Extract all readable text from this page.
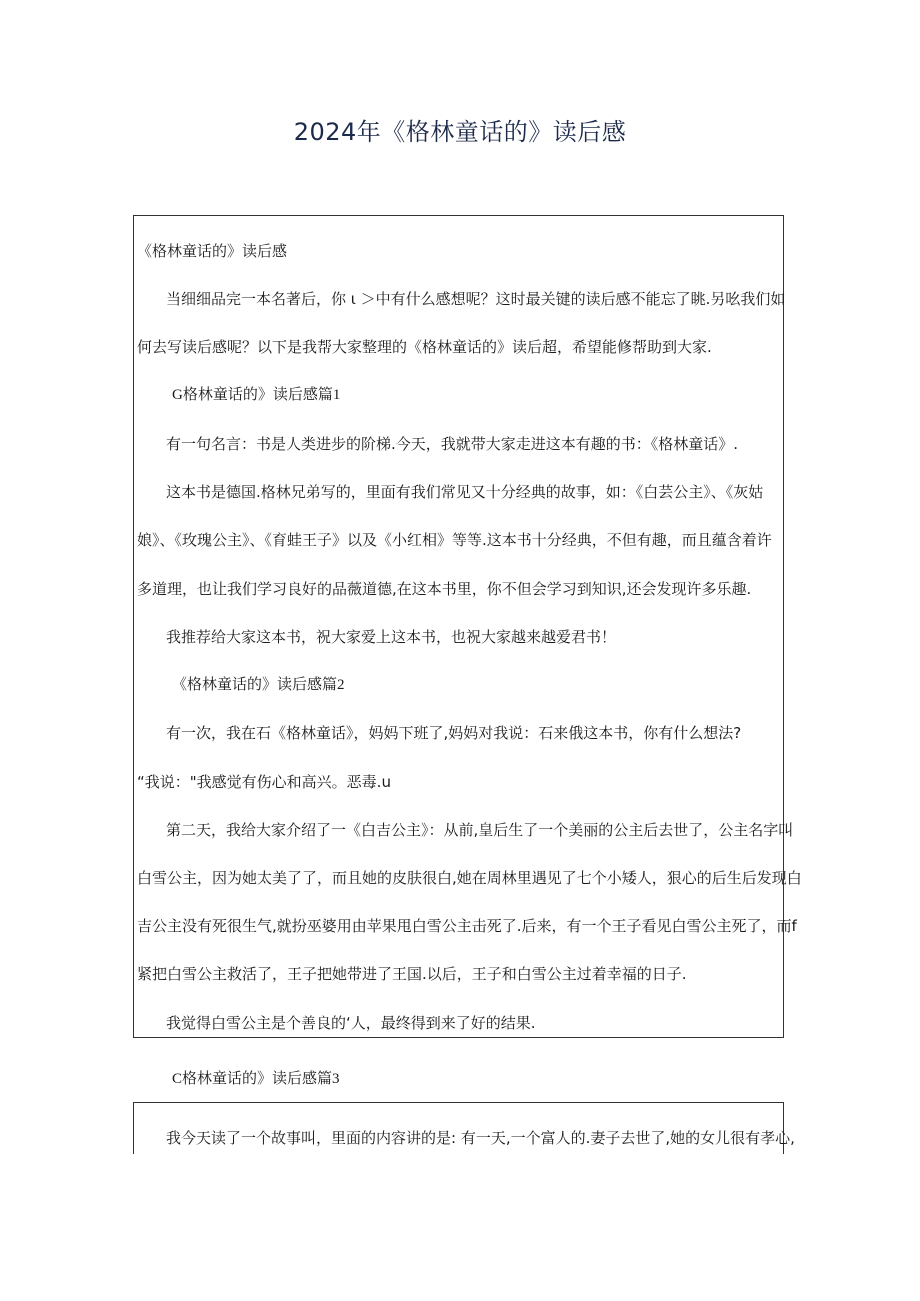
2024年《格林童话的》读后感
《格林童话的》读后感
当细细品完一本名著后，你 ι ＞中有什么感想呢？这时最关键的读后感不能忘了眺.另吆我们如
何去写读后感呢？以下是我帮大家整理的《格林童话的》读后超，希望能修帮助到大家.
G格林童话的》读后感篇1
有一句名言：书是人类进步的阶梯.今天，我就带大家走进这本有趣的书：《格林童话》.
这本书是德国.格林兄弟写的，里面有我们常见又十分经典的故事，如：《白芸公主》、《灰姑
娘》、《玫瑰公主》、《育蛙王子》以及《小红相》等等.这本书十分经典，不但有趣，而且蕴含着许
多道理，也让我们学习良好的品薇道德,在这本书里，你不但会学习到知识,还会发现许多乐趣.
我推荐给大家这本书，祝大家爱上这本书，也祝大家越来越爱君书！
《格林童话的》读后感篇2
有一次，我在石《格林童话》，妈妈下班了,妈妈对我说：石来俄这本书，你有什么想法?
“我说："我感觉有伤心和高兴。恶毒.u
第二天，我给大家介绍了一《白吉公主》：从前,皇后生了一个美丽的公主后去世了，公主名字叫
白雪公主，因为她太美了了，而且她的皮肤很白,她在周林里遇见了七个小矮人，狠心的后生后发现白
吉公主没有死很生气,就扮巫婆用由苹果甩白雪公主击死了.后来，有一个王子看见白雪公主死了，而f
紧把白雪公主救活了，王子把她带进了王国.以后，王子和白雪公主过着幸福的日子.
我觉得白雪公主是个善良的‘人，最终得到来了好的结果.
C格林童话的》读后感篇3
我今天读了一个故事叫，里面的内容讲的是: 有一天,一个富人的.妻子去世了,她的女儿很有孝心,
